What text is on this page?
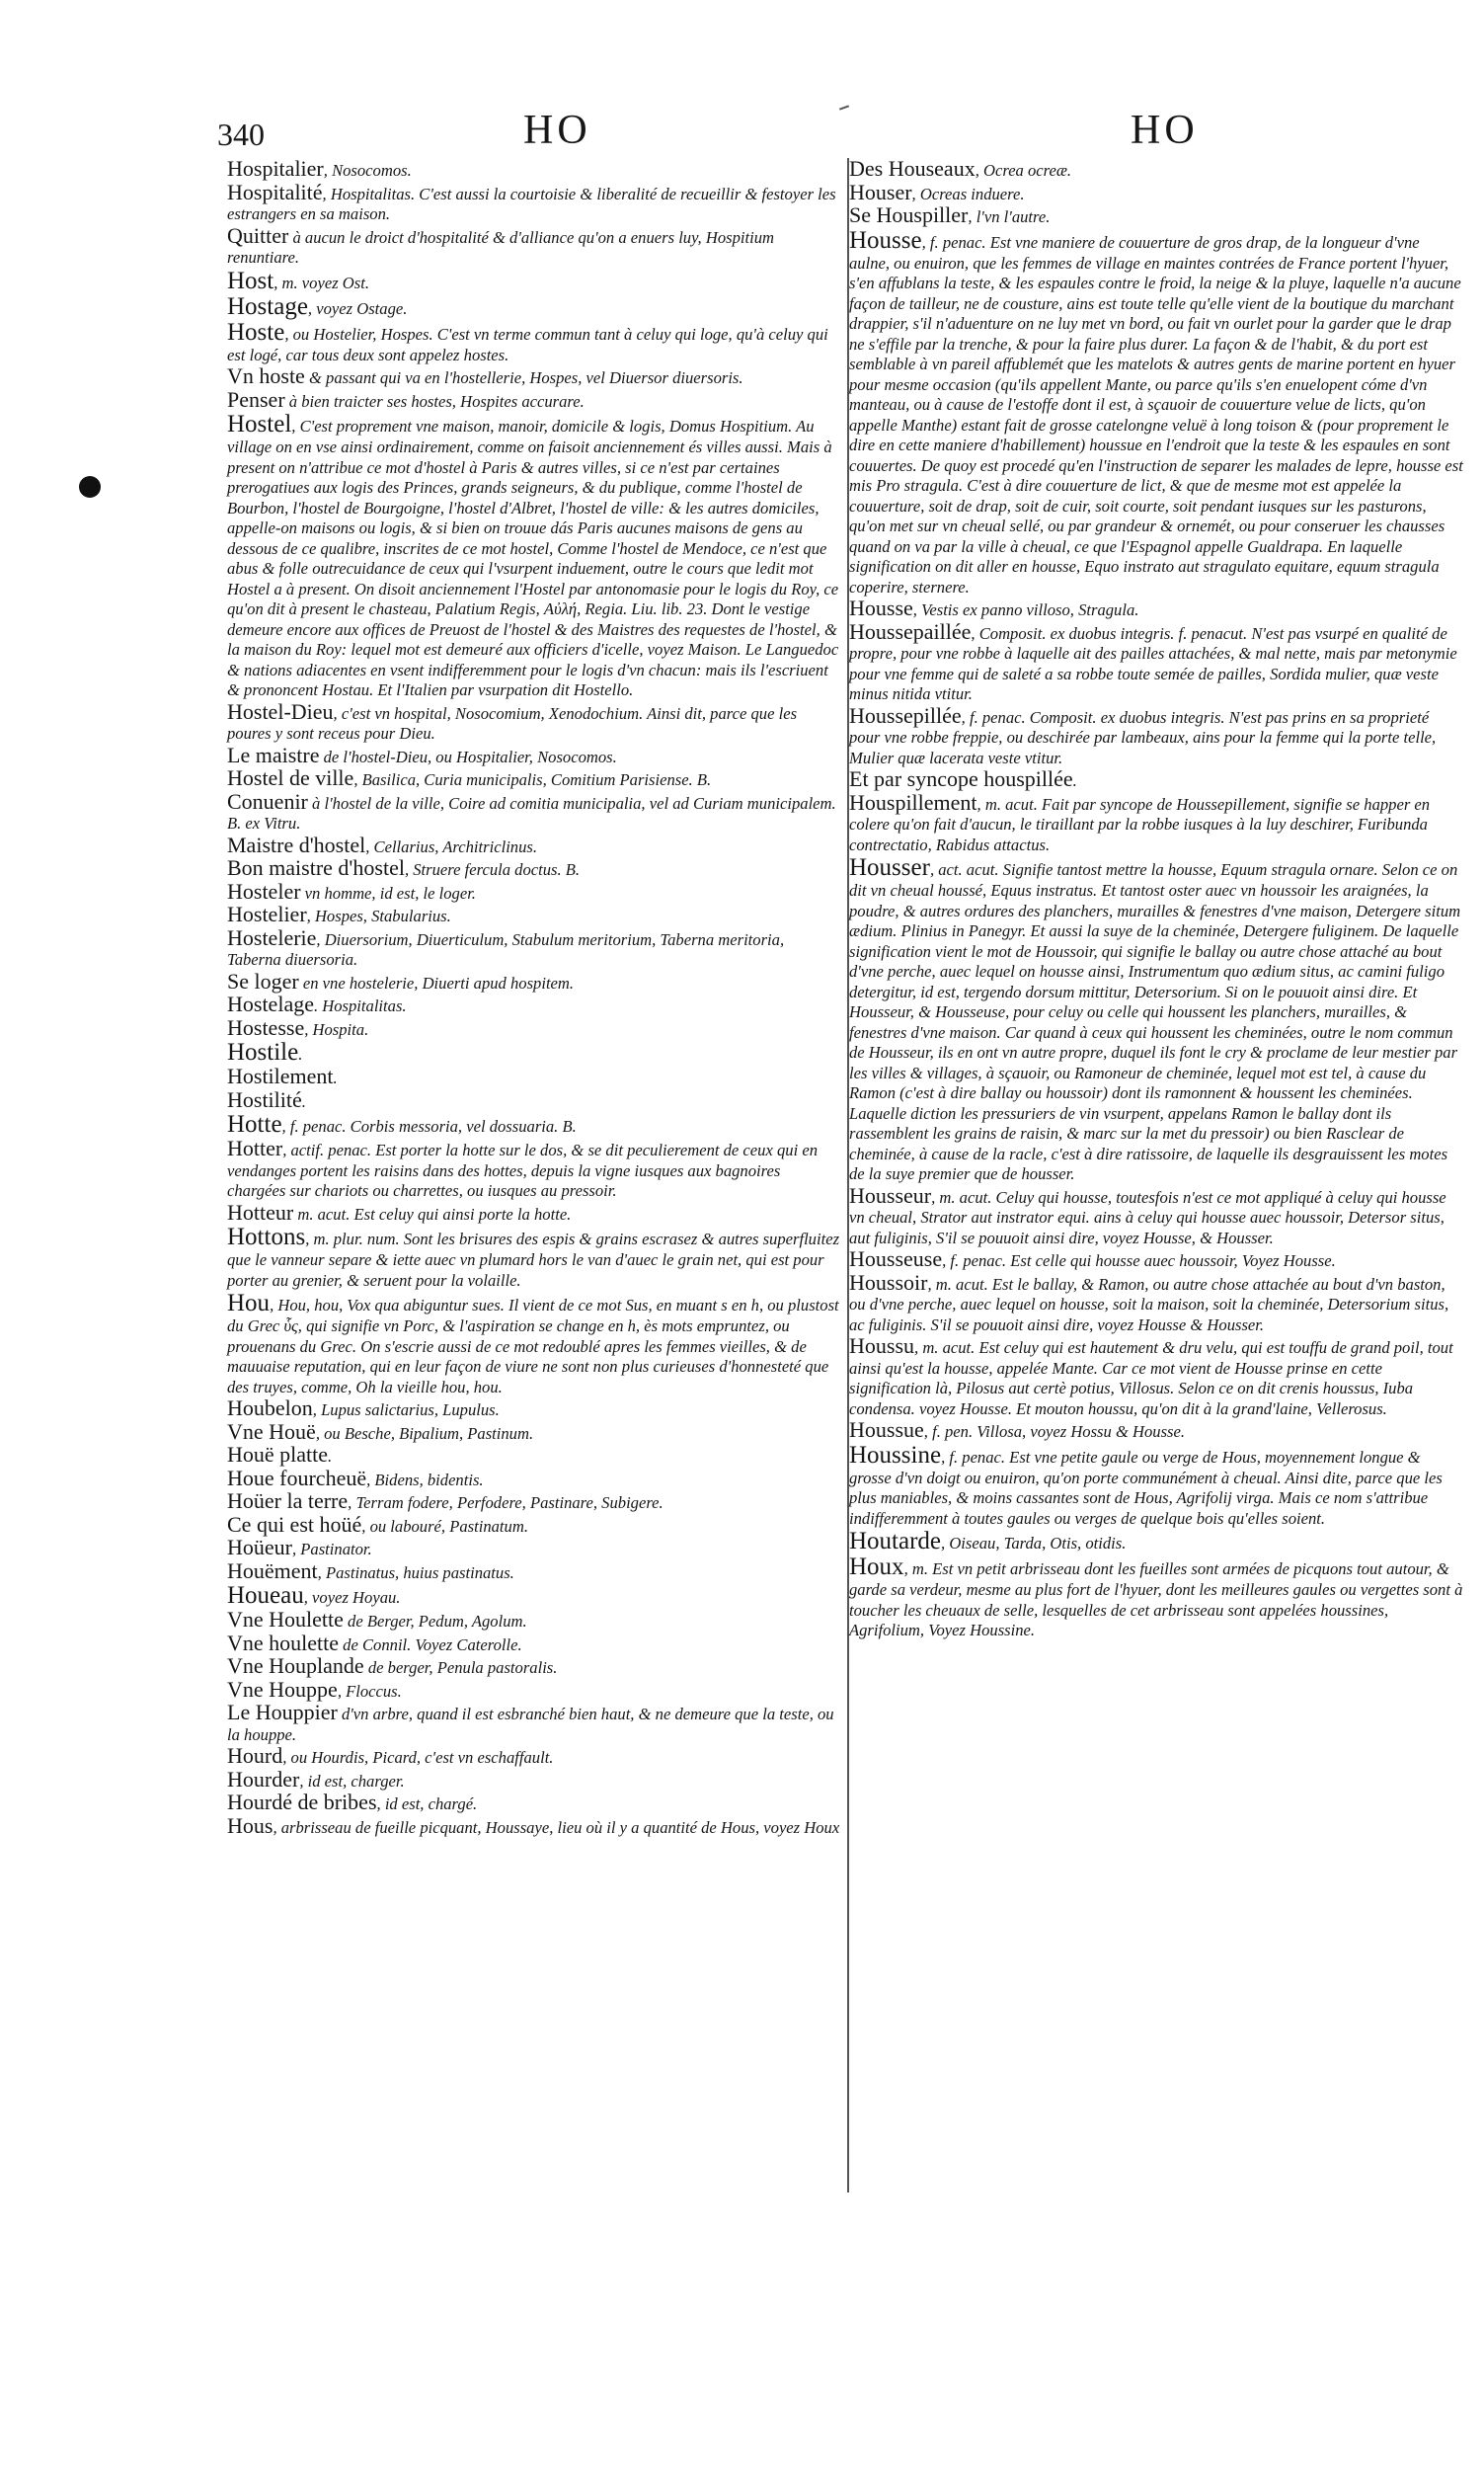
340	HO	HO

Hospitalier, Nosocomos.

Hospitalité, Hospitalitas. C'est aussi la courtoisie & liberalité de recueillir & festoyer les estrangers en sa maison.

Quitter à aucun le droict d'hospitalité & d'alliance qu'on a enuers luy, Hospitium renuntiare.

Host, m. voyez Ost.

Hostage, voyez Ostage.

Hoste, ou Hostelier, Hospes. C'est vn terme commun tant à celuy qui loge, qu'à celuy qui est logé, car tous deux sont appelez hostes.

Vn hoste & passant qui va en l'hostellerie, Hospes, vel Diuersor diuersoris.

Penser à bien traicter ses hostes, Hospites accurare.

Hostel, C'est proprement vne maison, manoir, domicile & logis, Domus Hospitium. Au village on en vse ainsi ordinairement, comme on faisoit anciennement és villes aussi. Mais à present on n'attribue ce mot d'hostel à Paris & autres villes, si ce n'est par certaines prerogatiues aux logis des Princes, grands seigneurs, & du publique, comme l'hostel de Bourbon, l'hostel de Bourgoigne, l'hostel d'Albret, l'hostel de ville: & les autres domiciles, appelle-on maisons ou logis, & si bien on trouue dás Paris aucunes maisons de gens au dessous de ce qualibre, inscrites de ce mot hostel, Comme l'hostel de Mendoce, ce n'est que abus & folle outrecuidance de ceux qui l'vsurpent induement, outre le cours que ledit mot Hostel a à present. On disoit anciennement l'Hostel par antonomasie pour le logis du Roy, ce qu'on dit à present le chasteau, Palatium Regis, Αὐλή, Regia. Liu. lib. 23. Dont le vestige demeure encore aux offices de Preuost de l'hostel & des Maistres des requestes de l'hostel, & la maison du Roy: lequel mot est demeuré aux officiers d'icelle, voyez Maison. Le Languedoc & nations adiacentes en vsent indifferemment pour le logis d'vn chacun: mais ils l'escriuent & prononcent Hostau. Et l'Italien par vsurpation dit Hostello.

Hostel-Dieu, c'est vn hospital, Nosocomium, Xenodochium. Ainsi dit, parce que les poures y sont receus pour Dieu.

Le maistre de l'hostel-Dieu, ou Hospitalier, Nosocomos.

Hostel de ville, Basilica, Curia municipalis, Comitium Parisiense. B.

Conuenir à l'hostel de la ville, Coire ad comitia municipalia, vel ad Curiam municipalem. B. ex Vitru.

Maistre d'hostel, Cellarius, Architriclinus.

Bon maistre d'hostel, Struere fercula doctus. B.

Hosteler vn homme, id est, le loger.

Hostelier, Hospes, Stabularius.

Hostelerie, Diuersorium, Diuerticulum, Stabulum meritorium, Taberna meritoria, Taberna diuersoria.

Se loger en vne hostelerie, Diuerti apud hospitem.

Hostelage. Hospitalitas.

Hostesse, Hospita.

Hostile.

Hostilement.

Hostilité.

Hotte, f. penac. Corbis messoria, vel dossuaria. B.

Hotter, actif. penac. Est porter la hotte sur le dos, & se dit peculierement de ceux qui en vendanges portent les raisins dans des hottes, depuis la vigne iusques aux bagnoires chargées sur chariots ou charrettes, ou iusques au pressoir.

Hotteur m. acut. Est celuy qui ainsi porte la hotte.

Hottons, m. plur. num. Sont les brisures des espis & grains escrasez & autres superfluitez que le vanneur separe & iette auec vn plumard hors le van d'auec le grain net, qui est pour porter au grenier, & seruent pour la volaille.

Hou, Hou, hou, Vox qua abiguntur sues. Il vient de ce mot Sus, en muant s en h, ou plustost du Grec ὗς, qui signifie vn Porc, & l'aspiration se change en h, ès mots empruntez, ou prouenans du Grec. On s'escrie aussi de ce mot redoublé apres les femmes vieilles, & de mauuaise reputation, qui en leur façon de viure ne sont non plus curieuses d'honnesteté que des truyes, comme, Oh la vieille hou, hou.

Houbelon, Lupus salictarius, Lupulus.

Vne Houë, ou Besche, Bipalium, Pastinum.

Houë platte.

Houe fourcheuë, Bidens, bidentis.

Hoüer la terre, Terram fodere, Perfodere, Pastinare, Subigere.

Ce qui est hoüé, ou labouré, Pastinatum.

Hoüeur, Pastinator.

Houëment, Pastinatus, huius pastinatus.

Houeau, voyez Hoyau.

Vne Houlette de Berger, Pedum, Agolum.

Vne houlette de Connil. Voyez Caterolle.

Vne Houplande de berger, Penula pastoralis.

Vne Houppe, Floccus.

Le Houppier d'vn arbre, quand il est esbranché bien haut, & ne demeure que la teste, ou la houppe.

Hourd, ou Hourdis, Picard, c'est vn eschaffault.

Hourder, id est, charger.

Hourdé de bribes, id est, chargé.

Hous, arbrisseau de fueille picquant, Houssaye, lieu où il y a quantité de Hous, voyez Houx

Des Houseaux, Ocrea ocreæ.

Houser, Ocreas induere.

Se Houspiller, l'vn l'autre.

Housse, f. penac. Est vne maniere de couuerture de gros drap, de la longueur d'vne aulne, ou enuiron, que les femmes de village en maintes contrées de France portent l'hyuer, s'en affublans la teste, & les espaules contre le froid, la neige & la pluye, laquelle n'a aucune façon de tailleur, ne de cousture, ains est toute telle qu'elle vient de la boutique du marchant drappier, s'il n'aduenture on ne luy met vn bord, ou fait vn ourlet pour la garder que le drap ne s'effile par la trenche, & pour la faire plus durer. La façon & de l'habit, & du port est semblable à vn pareil affublemét que les matelots & autres gents de marine portent en hyuer pour mesme occasion (qu'ils appellent Mante, ou parce qu'ils s'en enuelopent cóme d'vn manteau, ou à cause de l'estoffe dont il est, à sçauoir de couuerture velue de licts, qu'on appelle Manthe) estant fait de grosse catelongne veluë à long toison & (pour proprement le dire en cette maniere d'habillement) houssue en l'endroit que la teste & les espaules en sont couuertes. De quoy est procedé qu'en l'instruction de separer les malades de lepre, housse est mis Pro stragula. C'est à dire couuerture de lict, & que de mesme mot est appelée la couuerture, soit de drap, soit de cuir, soit courte, soit pendant iusques sur les pasturons, qu'on met sur vn cheual sellé, ou par grandeur & ornemét, ou pour conseruer les chausses quand on va par la ville à cheual, ce que l'Espagnol appelle Gualdrapa. En laquelle signification on dit aller en housse, Equo instrato aut stragulato equitare, equum stragula coperire, sternere.

Housse, Vestis ex panno villoso, Stragula.

Houssepaillée, Composit. ex duobus integris. f. penacut. N'est pas vsurpé en qualité de propre, pour vne robbe à laquelle ait des pailles attachées, & mal nette, mais par metonymie pour vne femme qui de saleté a sa robbe toute semée de pailles, Sordida mulier, quæ veste minus nitida vtitur.

Houssepillée, f. penac. Composit. ex duobus integris. N'est pas prins en sa proprieté pour vne robbe freppie, ou deschirée par lambeaux, ains pour la femme qui la porte telle, Mulier quæ lacerata veste vtitur.

Et par syncope houspillée.

Houspillement, m. acut. Fait par syncope de Houssepillement, signifie se happer en colere qu'on fait d'aucun, le tiraillant par la robbe iusques à la luy deschirer, Furibunda contrectatio, Rabidus attactus.

Housser, act. acut. Signifie tantost mettre la housse, Equum stragula ornare. Selon ce on dit vn cheual houssé, Equus instratus. Et tantost oster auec vn houssoir les araignées, la poudre, & autres ordures des planchers, murailles & fenestres d'vne maison, Detergere situm ædium. Plinius in Panegyr. Et aussi la suye de la cheminée, Detergere fuliginem. De laquelle signification vient le mot de Houssoir, qui signifie le ballay ou autre chose attaché au bout d'vne perche, auec lequel on housse ainsi, Instrumentum quo ædium situs, ac camini fuligo detergitur, id est, tergendo dorsum mittitur, Detersorium. Si on le pouuoit ainsi dire. Et Housseur, & Housseuse, pour celuy ou celle qui houssent les planchers, murailles, & fenestres d'vne maison. Car quand à ceux qui houssent les cheminées, outre le nom commun de Housseur, ils en ont vn autre propre, duquel ils font le cry & proclame de leur mestier par les villes & villages, à sçauoir, ou Ramoneur de cheminée, lequel mot est tel, à cause du Ramon (c'est à dire ballay ou houssoir) dont ils ramonnent & houssent les cheminées. Laquelle diction les pressuriers de vin vsurpent, appelans Ramon le ballay dont ils rassemblent les grains de raisin, & marc sur la met du pressoir) ou bien Rasclear de cheminée, à cause de la racle, c'est à dire ratissoire, de laquelle ils desgrauissent les motes de la suye premier que de housser.

Housseur, m. acut. Celuy qui housse, toutesfois n'est ce mot appliqué à celuy qui housse vn cheual, Strator aut instrator equi. ains à celuy qui housse auec houssoir, Detersor situs, aut fuliginis, S'il se pouuoit ainsi dire, voyez Housse, & Housser.

Housseuse, f. penac. Est celle qui housse auec houssoir, Voyez Housse.

Houssoir, m. acut. Est le ballay, & Ramon, ou autre chose attachée au bout d'vn baston, ou d'vne perche, auec lequel on housse, soit la maison, soit la cheminée, Detersorium situs, ac fuliginis. S'il se pouuoit ainsi dire, voyez Housse & Housser.

Houssu, m. acut. Est celuy qui est hautement & dru velu, qui est touffu de grand poil, tout ainsi qu'est la housse, appelée Mante. Car ce mot vient de Housse prinse en cette signification là, Pilosus aut certè potius, Villosus. Selon ce on dit crenis houssus, Iuba condensa. voyez Housse. Et mouton houssu, qu'on dit à la grand'laine, Vellerosus.

Houssue, f. pen. Villosa, voyez Hossu & Housse.

Houssine, f. penac. Est vne petite gaule ou verge de Hous, moyennement longue & grosse d'vn doigt ou enuiron, qu'on porte communément à cheual. Ainsi dite, parce que les plus maniables, & moins cassantes sont de Hous, Agrifolij virga. Mais ce nom s'attribue indifferemment à toutes gaules ou verges de quelque bois qu'elles soient.

Houtarde, Oiseau, Tarda, Otis, otidis.

Houx, m. Est vn petit arbrisseau dont les fueilles sont armées de picquons tout autour, & garde sa verdeur, mesme au plus fort de l'hyuer, dont les meilleures gaules ou vergettes sont à toucher les cheuaux de selle, lesquelles de cet arbrisseau sont appelées houssines, Agrifolium, Voyez Houssine.
